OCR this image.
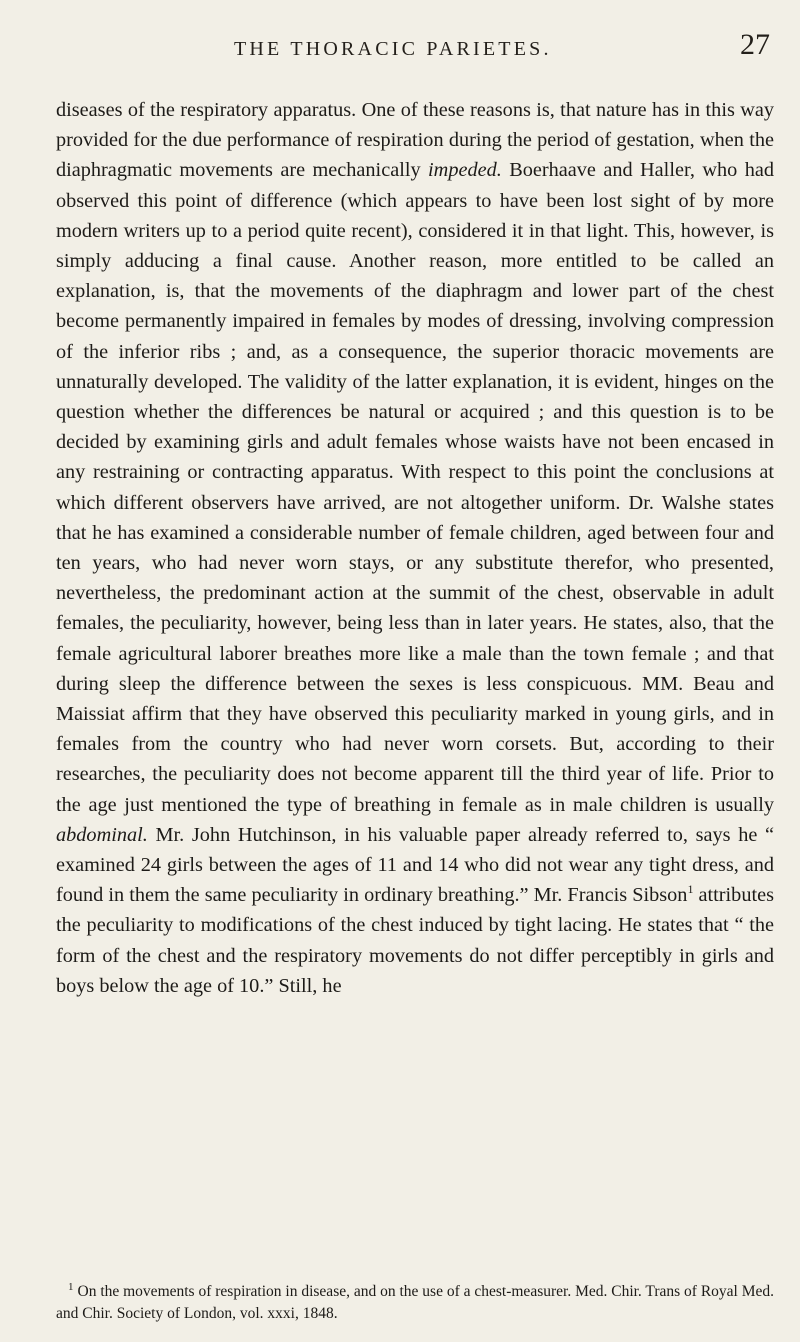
THE THORACIC PARIETES.	27

diseases of the respiratory apparatus. One of these reasons is, that nature has in this way provided for the due performance of respiration during the period of gestation, when the diaphragmatic movements are mechanically impeded. Boerhaave and Haller, who had observed this point of difference (which appears to have been lost sight of by more modern writers up to a period quite recent), considered it in that light. This, however, is simply adducing a final cause. Another reason, more entitled to be called an explanation, is, that the movements of the diaphragm and lower part of the chest become permanently impaired in females by modes of dressing, involving compression of the inferior ribs ; and, as a consequence, the superior thoracic movements are unnaturally developed. The validity of the latter explanation, it is evident, hinges on the question whether the differences be natural or acquired ; and this question is to be decided by examining girls and adult females whose waists have not been encased in any restraining or contracting apparatus. With respect to this point the conclusions at which different observers have arrived, are not altogether uniform. Dr. Walshe states that he has examined a considerable number of female children, aged between four and ten years, who had never worn stays, or any substitute therefor, who presented, nevertheless, the predominant action at the summit of the chest, observable in adult females, the peculiarity, however, being less than in later years. He states, also, that the female agricultural laborer breathes more like a male than the town female ; and that during sleep the difference between the sexes is less conspicuous. MM. Beau and Maissiat affirm that they have observed this peculiarity marked in young girls, and in females from the country who had never worn corsets. But, according to their researches, the peculiarity does not become apparent till the third year of life. Prior to the age just mentioned the type of breathing in female as in male children is usually abdominal. Mr. John Hutchinson, in his valuable paper already referred to, says he “ examined 24 girls between the ages of 11 and 14 who did not wear any tight dress, and found in them the same peculiarity in ordinary breathing.” Mr. Francis Sibson$^1$ attributes the peculiarity to modifications of the chest induced by tight lacing. He states that “ the form of the chest and the respiratory movements do not differ perceptibly in girls and boys below the age of 10.” Still, he

$^1$ On the movements of respiration in disease, and on the use of a chest-measurer. Med. Chir. Trans of Royal Med. and Chir. Society of London, vol. xxxi, 1848.
